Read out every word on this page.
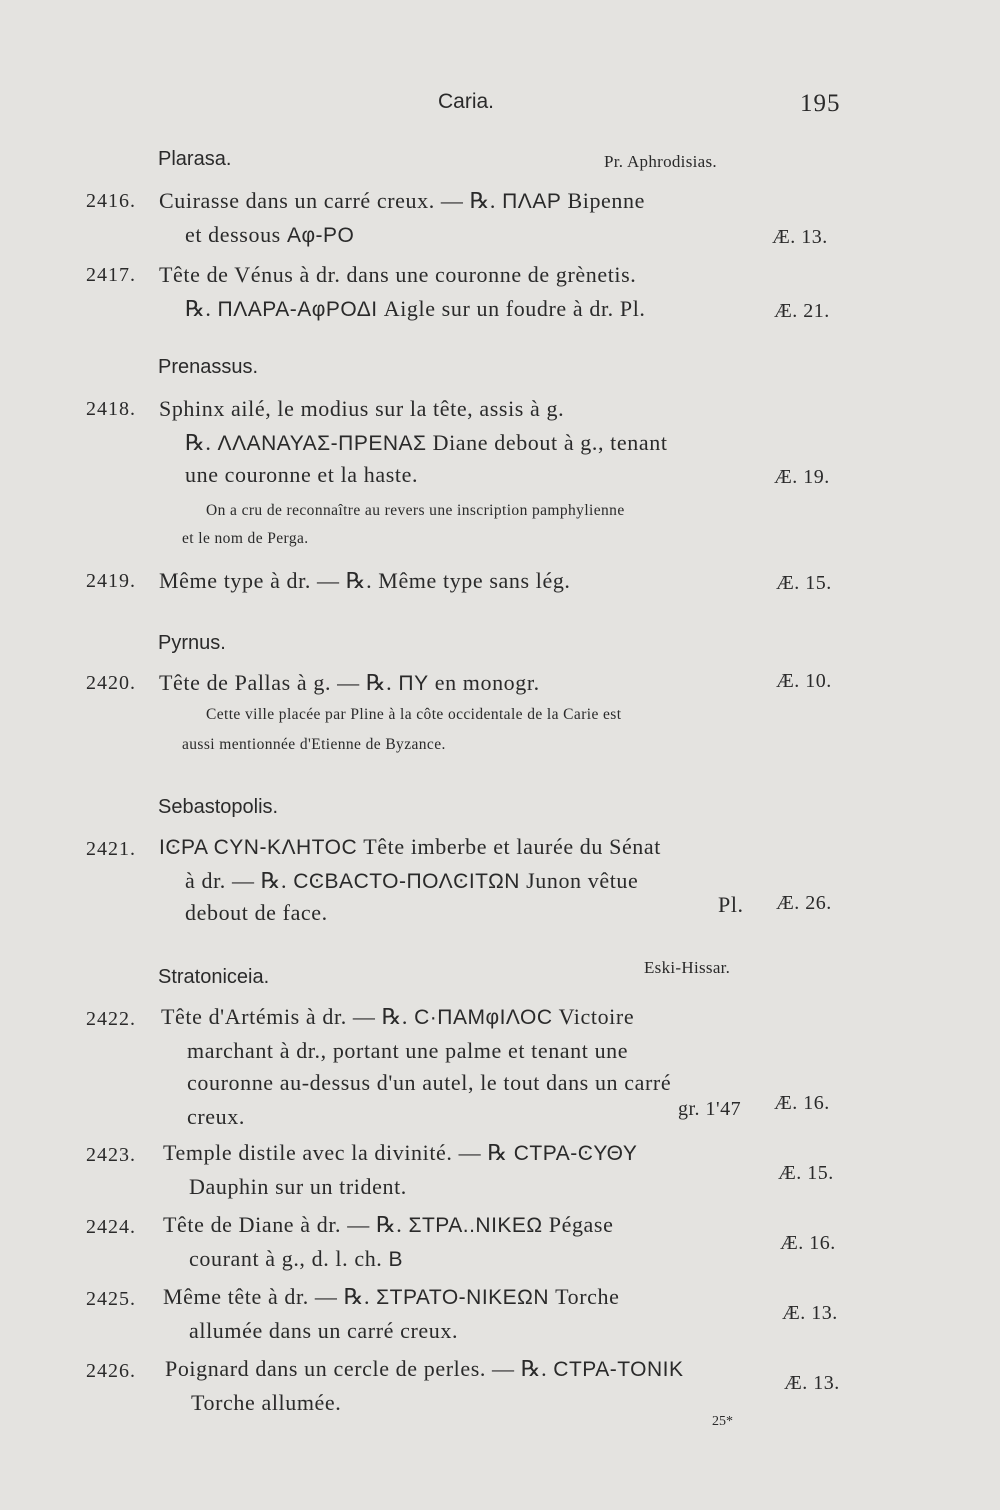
Caria.	195
Plarasa.	Pr. Aphrodisias.
2416.	Cuirasse dans un carré creux. — ℞. ΠΛΑΡ Bipenne
et dessous Αφ-ΡΟ	Æ. 13.
2417.	Tête de Vénus à dr. dans une couronne de grènetis.
℞. ΠΛΑΡΑ-ΑφΡΟΔΙ Aigle sur un foudre à dr. Pl.	Æ. 21.
Prenassus.
2418.	Sphinx ailé, le modius sur la tête, assis à g.
℞. ΛΛΑΝΑΥΑΣ-ΠΡΕΝΑΣ Diane debout à g., tenant
une couronne et la haste.	Æ. 19.
On a cru de reconnaître au revers une inscription pamphylienne
et le nom de Perga.
2419.	Même type à dr. — ℞. Même type sans lég.	Æ. 15.
Pyrnus.
2420.	Tête de Pallas à g. — ℞. ΠΥ en monogr.	Æ. 10.
Cette ville placée par Pline à la côte occidentale de la Carie est
aussi mentionnée d'Etienne de Byzance.
Sebastopolis.
2421.	ΙϾΡΑ ϹΥΝ-ΚΛΗΤΟϹ Tête imberbe et laurée du Sénat
à dr. — ℞. ϹϾΒΑϹΤΟ-ΠΟΛϾΙΤΩΝ Junon vêtue
debout de face.	Pl. Æ. 26.
Stratoniceia.	Eski-Hissar.
2422.	Tête d'Artémis à dr. — ℞. Ϲ·ΠΑΜφΙΛΟϹ Victoire
marchant à dr., portant une palme et tenant une
couronne au-dessus d'un autel, le tout dans un carré
creux.	gr. 1'47 Æ. 16.
2423.	Temple distile avec la divinité. — ℞ ϹΤΡΑ-ϾΥΘΥ
Dauphin sur un trident.
Æ. 15.
2424.	Tête de Diane à dr. — ℞. ΣΤΡΑ..ΝΙΚΕΩ Pégase
courant à g., d. l. ch. Β
Æ. 16.
2425.	Même tête à dr. — ℞. ΣΤΡΑΤΟ-ΝΙΚΕΩΝ Torche
allumée dans un carré creux.
Æ. 13.
2426.	Poignard dans un cercle de perles. — ℞. ϹΤΡΑ-ΤΟΝΙΚ
Torche allumée.
Æ. 13.
25*
